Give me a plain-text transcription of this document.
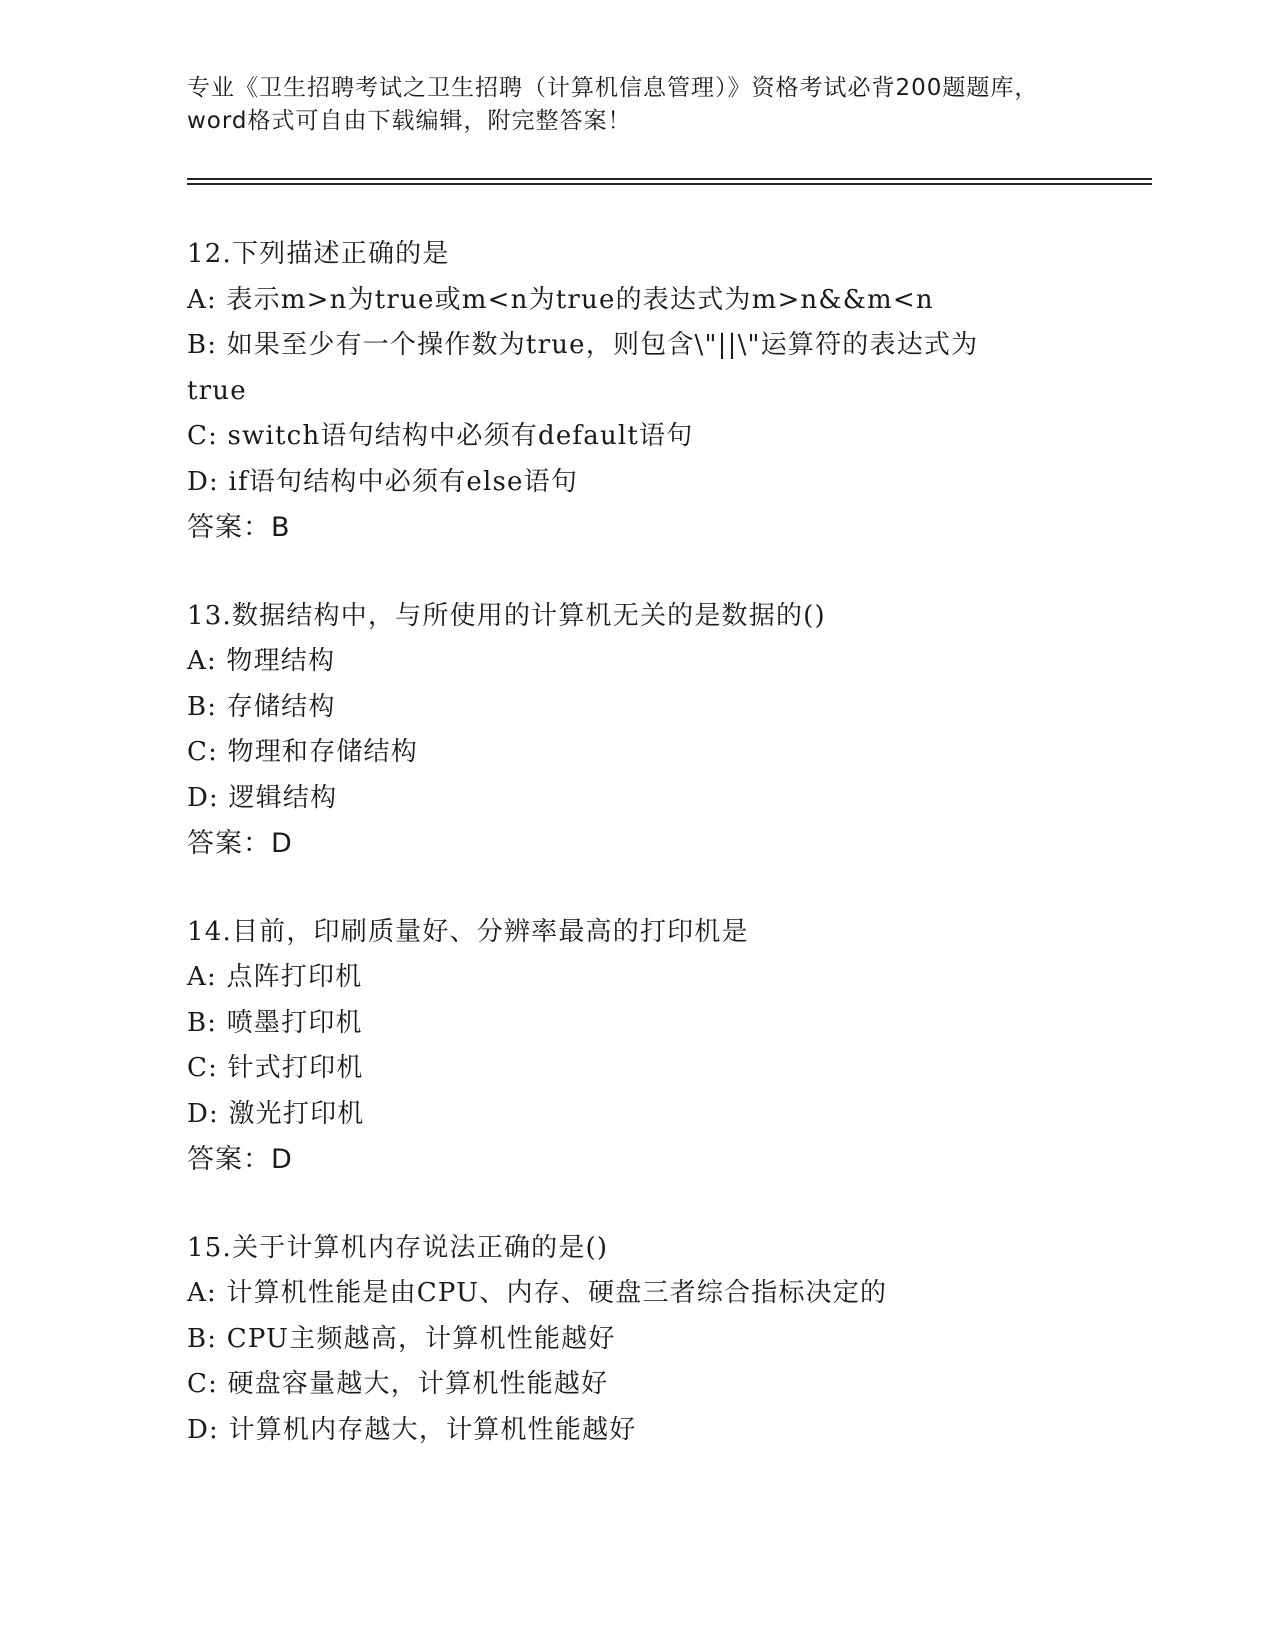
专业《卫生招聘考试之卫生招聘（计算机信息管理）》资格考试必背200题题库，
word格式可自由下载编辑，附完整答案！
12.下列描述正确的是
A: 表示m>n为true或m<n为true的表达式为m>n&&m<n
B: 如果至少有一个操作数为true，则包含\"||\"运算符的表达式为
true
C: switch语句结构中必须有default语句
D: if语句结构中必须有else语句
答案：B
13.数据结构中，与所使用的计算机无关的是数据的()
A: 物理结构
B: 存储结构
C: 物理和存储结构
D: 逻辑结构
答案：D
14.目前，印刷质量好、分辨率最高的打印机是
A: 点阵打印机
B: 喷墨打印机
C: 针式打印机
D: 激光打印机
答案：D
15.关于计算机内存说法正确的是()
A: 计算机性能是由CPU、内存、硬盘三者综合指标决定的
B: CPU主频越高，计算机性能越好
C: 硬盘容量越大，计算机性能越好
D: 计算机内存越大，计算机性能越好
